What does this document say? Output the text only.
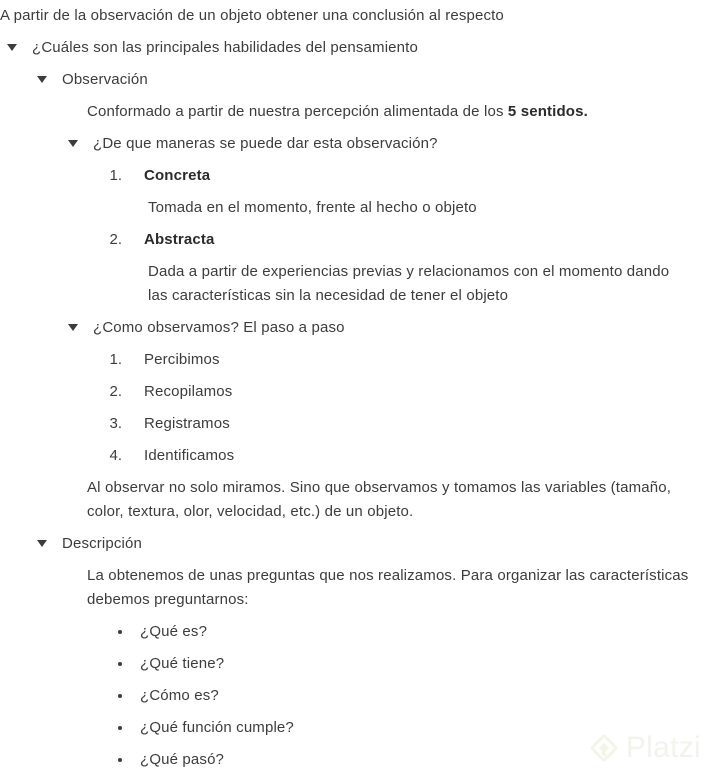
A partir de la observación de un objeto obtener una conclusión al respecto
¿Cuáles son las principales habilidades del pensamiento
Observación
Conformado a partir de nuestra percepción alimentada de los 5 sentidos.
¿De que maneras se puede dar esta observación?
1. Concreta
Tomada en el momento, frente al hecho o objeto
2. Abstracta
Dada a partir de experiencias previas y relacionamos con el momento dando las características sin la necesidad de tener el objeto
¿Como observamos? El paso a paso
1. Percibimos
2. Recopilamos
3. Registramos
4. Identificamos
Al observar no solo miramos. Sino que observamos y tomamos las variables (tamaño, color, textura, olor, velocidad, etc.) de un objeto.
Descripción
La obtenemos de unas preguntas que nos realizamos. Para organizar las características debemos preguntarnos:
¿Qué es?
¿Qué tiene?
¿Cómo es?
¿Qué función cumple?
¿Qué pasó?	Platzi
